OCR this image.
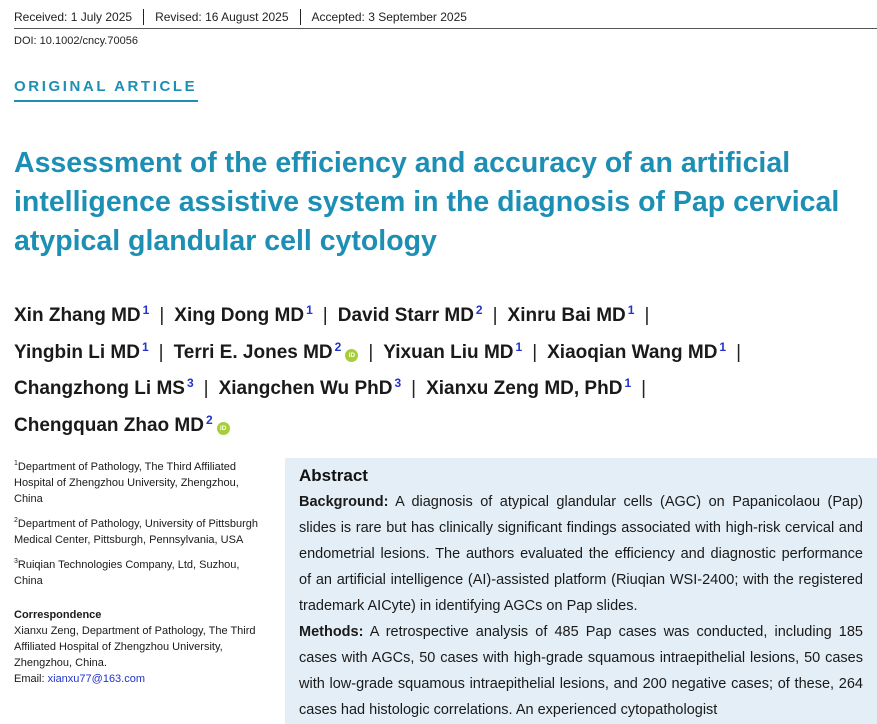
Received: 1 July 2025 Revised: 16 August 2025 Accepted: 3 September 2025
DOI: 10.1002/cncy.70056
ORIGINAL ARTICLE
Assessment of the efficiency and accuracy of an artificial intelligence assistive system in the diagnosis of Pap cervical atypical glandular cell cytology
Xin Zhang MD $^1$ | Xing Dong MD $^1$ | David Starr MD $^2$ | Xinru Bai MD $^1$ |
Yingbin Li MD $^1$ | Terri E. Jones MD $^2$iD | Yixuan Liu MD $^1$ | Xiaoqian Wang MD $^1$ |
Changzhong Li MS $^3$ | Xiangchen Wu PhD $^3$ | Xianxu Zeng MD, PhD $^1$ |
Chengquan Zhao MD $^2$iD
$^1$Department of Pathology, The Third Affiliated Hospital of Zhengzhou University, Zhengzhou, China
$^2$Department of Pathology, University of Pittsburgh Medical Center, Pittsburgh, Pennsylvania, USA
$^3$Ruiqian Technologies Company, Ltd, Suzhou, China
Correspondence
Xianxu Zeng, Department of Pathology, The Third Affiliated Hospital of Zhengzhou University, Zhengzhou, China.
Email: xianxu77@163.com
Abstract

Background: A diagnosis of atypical glandular cells (AGC) on Papanicolaou (Pap) slides is rare but has clinically significant findings associated with high-risk cervical and endometrial lesions. The authors evaluated the efficiency and diagnostic performance of an artificial intelligence (AI)-assisted platform (Riuqian WSI-2400; with the registered trademark AICyte) in identifying AGCs on Pap slides.

Methods: A retrospective analysis of 485 Pap cases was conducted, including 185 cases with AGCs, 50 cases with high-grade squamous intraepithelial lesions, 50 cases with low-grade squamous intraepithelial lesions, and 200 negative cases; of these, 264 cases had histologic correlations. An experienced cytopathologist
